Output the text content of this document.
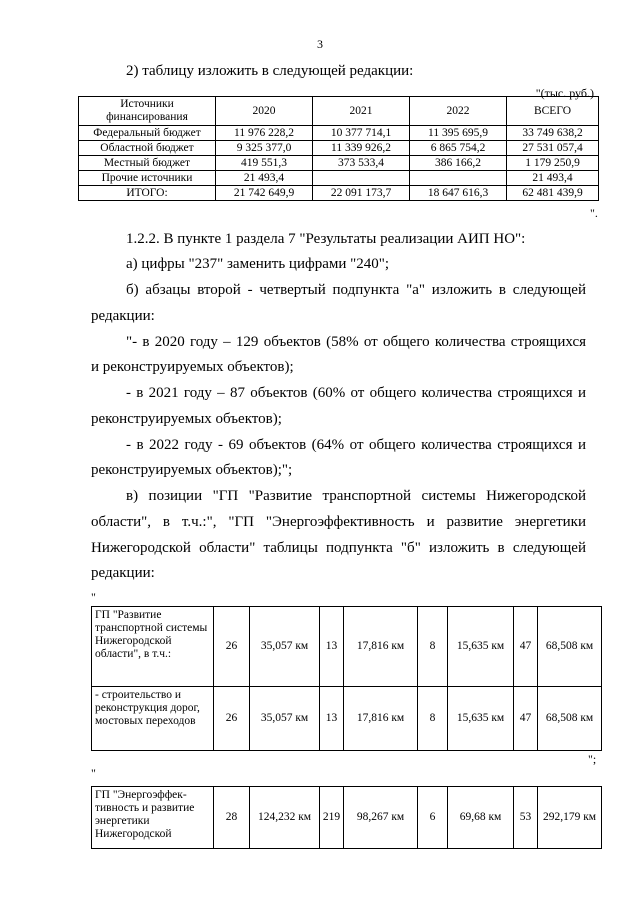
3
2) таблицу изложить в следующей редакции:
"(тыс. руб.)
Источники финансирования	2020	2021	2022	ВСЕГО
Федеральный бюджет	11 976 228,2	10 377 714,1	11 395 695,9	33 749 638,2
Областной бюджет	9 325 377,0	11 339 926,2	6 865 754,2	27 531 057,4
Местный бюджет	419 551,3	373 533,4	386 166,2	1 179 250,9
Прочие источники	21 493,4			21 493,4
ИТОГО:	21 742 649,9	22 091 173,7	18 647 616,3	62 481 439,9
".
1.2.2. В пункте 1 раздела 7 "Результаты реализации АИП НО":
а) цифры "237" заменить цифрами "240";
б) абзацы второй - четвертый подпункта "а" изложить в следующей
редакции:
"- в 2020 году – 129 объектов (58% от общего количества строящихся
и реконструируемых объектов);
- в 2021 году – 87 объектов (60% от общего количества строящихся и
реконструируемых объектов);
- в 2022 году - 69 объектов (64% от общего количества строящихся и
реконструируемых объектов);";
в) позиции "ГП "Развитие транспортной системы Нижегородской
области", в т.ч.:", "ГП "Энергоэффективность и развитие энергетики
Нижегородской области" таблицы подпункта "б" изложить в следующей
редакции:
"
ГП "Развитие транспортной системы Нижегородской области", в т.ч.:	26	35,057 км	13	17,816 км	8	15,635 км	47	68,508 км
- строительство и реконструкция дорог, мостовых переходов	26	35,057 км	13	17,816 км	8	15,635 км	47	68,508 км
";
"
ГП "Энергоэффек-тивность и развитие энергетики Нижегородской	28	124,232 км	219	98,267 км	6	69,68 км	53	292,179 км
